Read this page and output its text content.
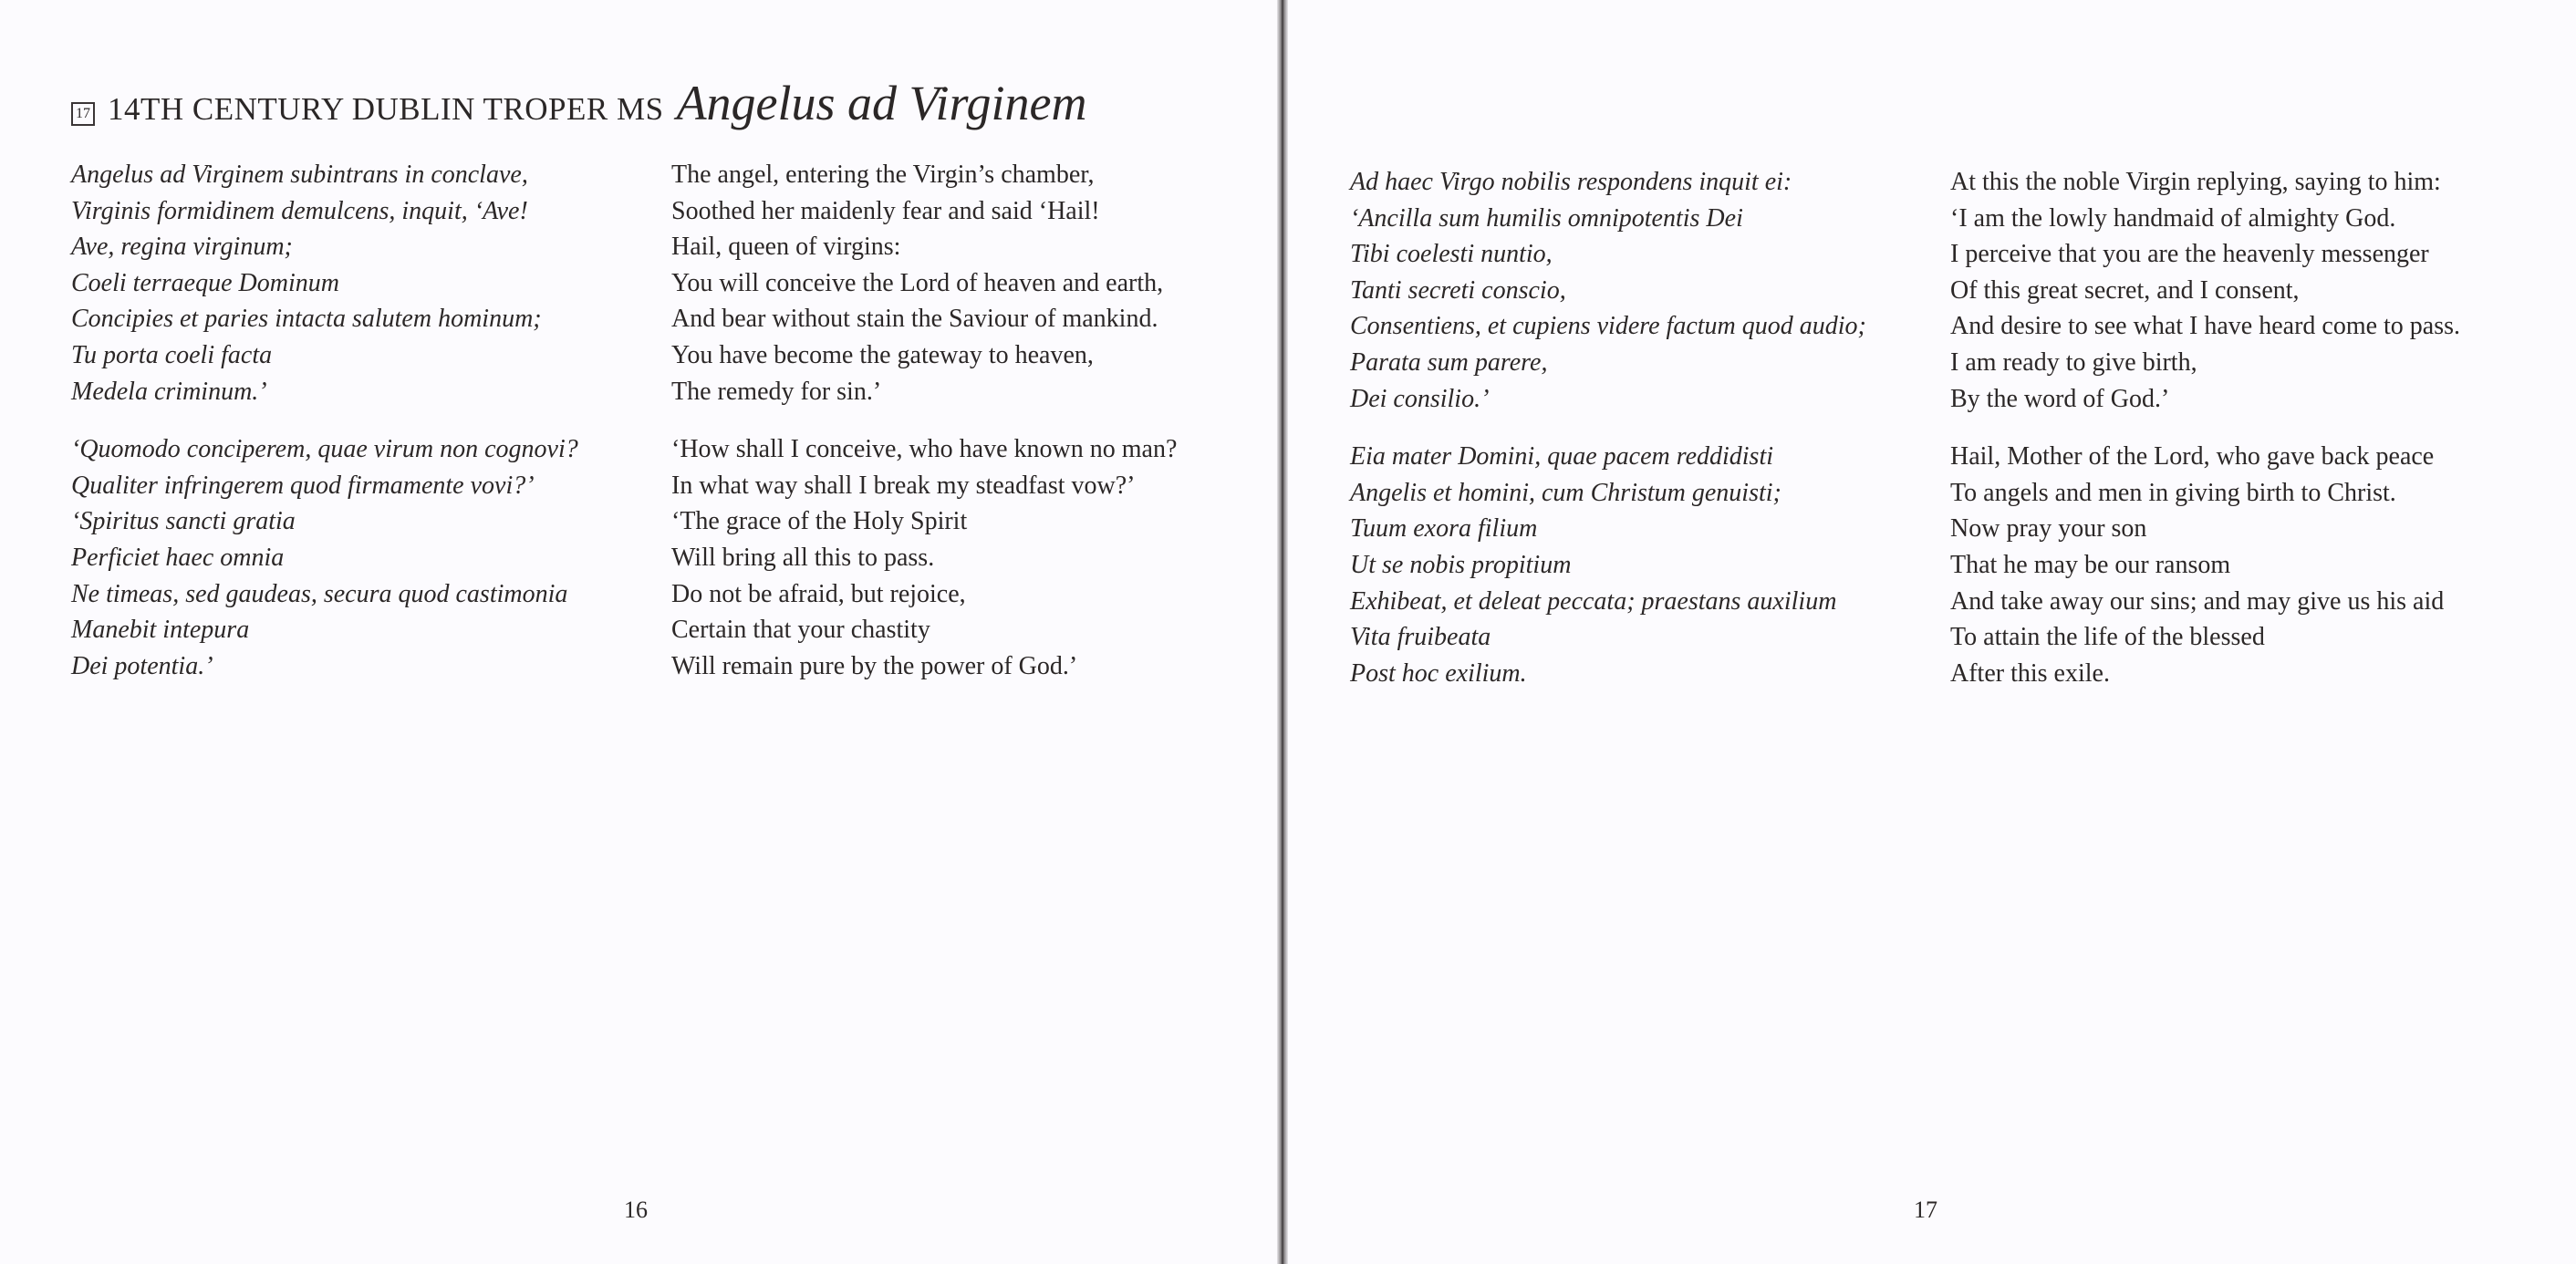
17 14TH CENTURY DUBLIN TROPER MS Angelus ad Virginem
Angelus ad Virginem subintrans in conclave,
Virginis formidinem demulcens, inquit, ‘Ave!
Ave, regina virginum;
Coeli terraeque Dominum
Concipies et paries intacta salutem hominum;
Tu porta coeli facta
Medela criminum.’
‘Quomodo conciperem, quae virum non cognovi?
Qualiter infringerem quod firmamente vovi?’
‘Spiritus sancti gratia
Perficiet haec omnia
Ne timeas, sed gaudeas, secura quod castimonia
Manebit intepura
Dei potentia.’
The angel, entering the Virgin’s chamber,
Soothed her maidenly fear and said ‘Hail!
Hail, queen of virgins:
You will conceive the Lord of heaven and earth,
And bear without stain the Saviour of mankind.
You have become the gateway to heaven,
The remedy for sin.’
‘How shall I conceive, who have known no man?
In what way shall I break my steadfast vow?’
‘The grace of the Holy Spirit
Will bring all this to pass.
Do not be afraid, but rejoice,
Certain that your chastity
Will remain pure by the power of God.’
16
Ad haec Virgo nobilis respondens inquit ei:
‘Ancilla sum humilis omnipotentis Dei
Tibi coelesti nuntio,
Tanti secreti conscio,
Consentiens, et cupiens videre factum quod audio;
Parata sum parere,
Dei consilio.’
Eia mater Domini, quae pacem reddidisti
Angelis et homini, cum Christum genuisti;
Tuum exora filium
Ut se nobis propitium
Exhibeat, et deleat peccata; praestans auxilium
Vita fruibeata
Post hoc exilium.
At this the noble Virgin replying, saying to him:
‘I am the lowly handmaid of almighty God.
I perceive that you are the heavenly messenger
Of this great secret, and I consent,
And desire to see what I have heard come to pass.
I am ready to give birth,
By the word of God.’
Hail, Mother of the Lord, who gave back peace
To angels and men in giving birth to Christ.
Now pray your son
That he may be our ransom
And take away our sins; and may give us his aid
To attain the life of the blessed
After this exile.
17
